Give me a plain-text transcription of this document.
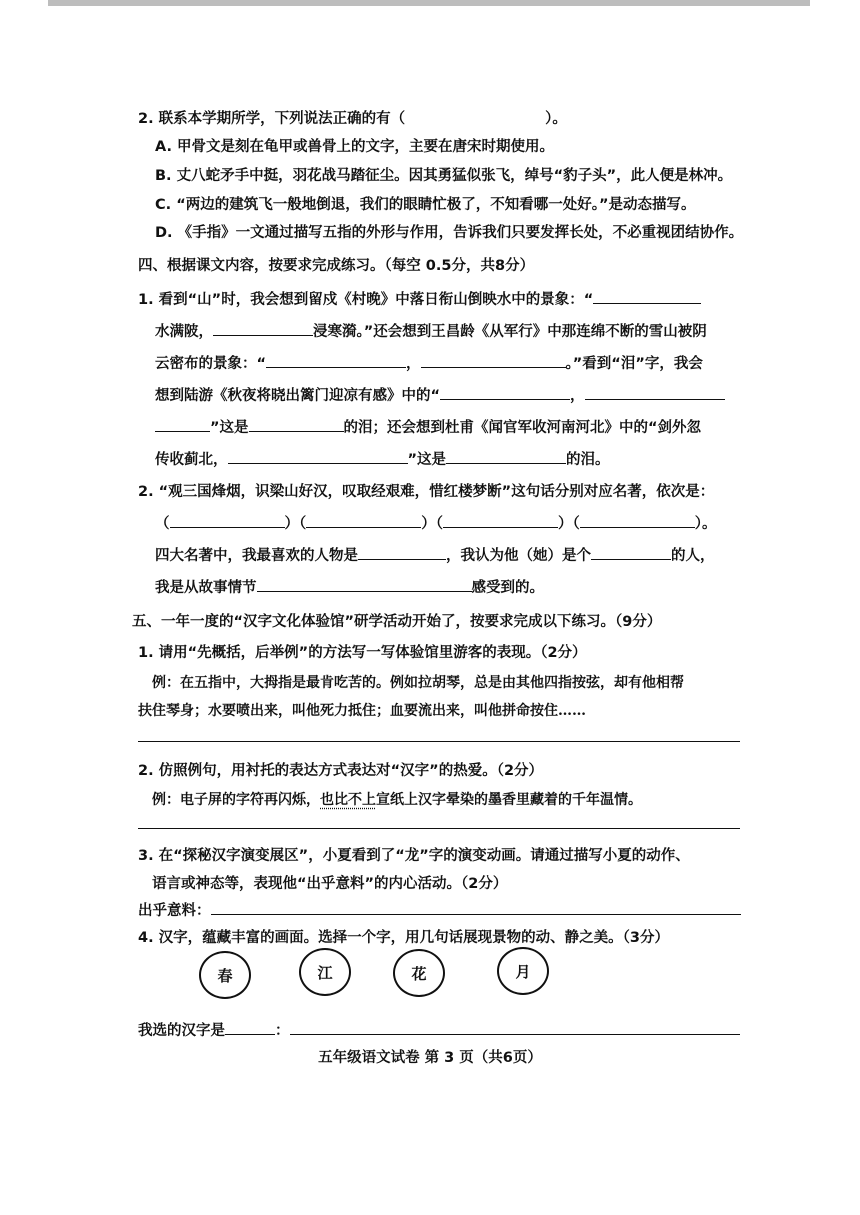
2. 联系本学期所学，下列说法正确的有（	）。
A. 甲骨文是刻在龟甲或兽骨上的文字，主要在唐宋时期使用。
B. 丈八蛇矛手中挺，羽花战马踏征尘。因其勇猛似张飞，绰号“豹子头”，此人便是林冲。
C. “两边的建筑飞一般地倒退，我们的眼睛忙极了，不知看哪一处好。”是动态描写。
D. 《手指》一文通过描写五指的外形与作用，告诉我们只要发挥长处，不必重视团结协作。
四、根据课文内容，按要求完成练习。（每空 0.5分，共8分）
1. 看到“山”时，我会想到留戍《村晚》中落日衔山倒映水中的景象：“
水满陂，	浸寒漪。”还会想到王昌龄《从军行》中那连绵不断的雪山被阴
云密布的景象：“	，	。”看到“泪”字，我会
想到陆游《秋夜将晓出篱门迎凉有感》中的“	，
”这是	的泪；还会想到杜甫《闻官军收河南河北》中的“剑外忽
传收蓟北，	”这是	的泪。
2. “观三国烽烟，识梁山好汉，叹取经艰难，惜红楼梦断”这句话分别对应名著，依次是：
（	）（	）（	）（	）。
四大名著中，我最喜欢的人物是	，我认为他（她）是个	的人，
我是从故事情节	感受到的。
五、一年一度的“汉字文化体验馆”研学活动开始了，按要求完成以下练习。（9分）
1. 请用“先概括，后举例”的方法写一写体验馆里游客的表现。（2分）
例：在五指中，大拇指是最肯吃苦的。例如拉胡琴，总是由其他四指按弦，却有他相帮
扶住琴身；水要喷出来，叫他死力抵住；血要流出来，叫他拼命按住……
2. 仿照例句，用衬托的表达方式表达对“汉字”的热爱。（2分）
例：电子屏的字符再闪烁，也比不上宣纸上汉字晕染的墨香里藏着的千年温情。
3. 在“探秘汉字演变展区”，小夏看到了“龙”字的演变动画。请通过描写小夏的动作、
语言或神态等，表现他“出乎意料”的内心活动。（2分）
出乎意料：
4. 汉字，蕴藏丰富的画面。选择一个字，用几句话展现景物的动、静之美。（3分）
春	江	花	月
我选的汉字是	：
五年级语文试卷 第 3 页（共6页）
